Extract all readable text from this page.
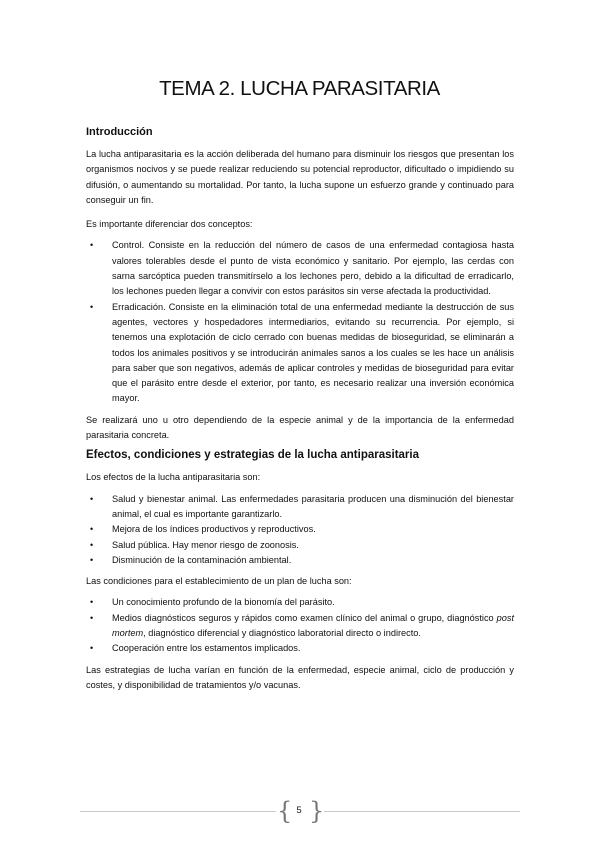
TEMA 2. LUCHA PARASITARIA
Introducción

La lucha antiparasitaria es la acción deliberada del humano para disminuir los riesgos que presentan los organismos nocivos y se puede realizar reduciendo su potencial reproductor, dificultado o impidiendo su difusión, o aumentando su mortalidad. Por tanto, la lucha supone un esfuerzo grande y continuado para conseguir un fin.

Es importante diferenciar dos conceptos:

• Control. Consiste en la reducción del número de casos de una enfermedad contagiosa hasta valores tolerables desde el punto de vista económico y sanitario. Por ejemplo, las cerdas con sarna sarcóptica pueden transmitírselo a los lechones pero, debido a la dificultad de erradicarlo, los lechones pueden llegar a convivir con estos parásitos sin verse afectada la productividad.
• Erradicación. Consiste en la eliminación total de una enfermedad mediante la destrucción de sus agentes, vectores y hospedadores intermediarios, evitando su recurrencia. Por ejemplo, si tenemos una explotación de ciclo cerrado con buenas medidas de bioseguridad, se eliminarán a todos los animales positivos y se introducirán animales sanos a los cuales se les hace un análisis para saber que son negativos, además de aplicar controles y medidas de bioseguridad para evitar que el parásito entre desde el exterior, por tanto, es necesario realizar una inversión económica mayor.

Se realizará uno u otro dependiendo de la especie animal y de la importancia de la enfermedad parasitaria concreta.

Efectos, condiciones y estrategias de la lucha antiparasitaria

Los efectos de la lucha antiparasitaria son:

• Salud y bienestar animal. Las enfermedades parasitaria producen una disminución del bienestar animal, el cual es importante garantizarlo.
• Mejora de los índices productivos y reproductivos.
• Salud pública. Hay menor riesgo de zoonosis.
• Disminución de la contaminación ambiental.

Las condiciones para el establecimiento de un plan de lucha son:

• Un conocimiento profundo de la bionomía del parásito.
• Medios diagnósticos seguros y rápidos como examen clínico del animal o grupo, diagnóstico post mortem, diagnóstico diferencial y diagnóstico laboratorial directo o indirecto.
• Cooperación entre los estamentos implicados.

Las estrategias de lucha varían en función de la enfermedad, especie animal, ciclo de producción y costes, y disponibilidad de tratamientos y/o vacunas.

{ 5 }
